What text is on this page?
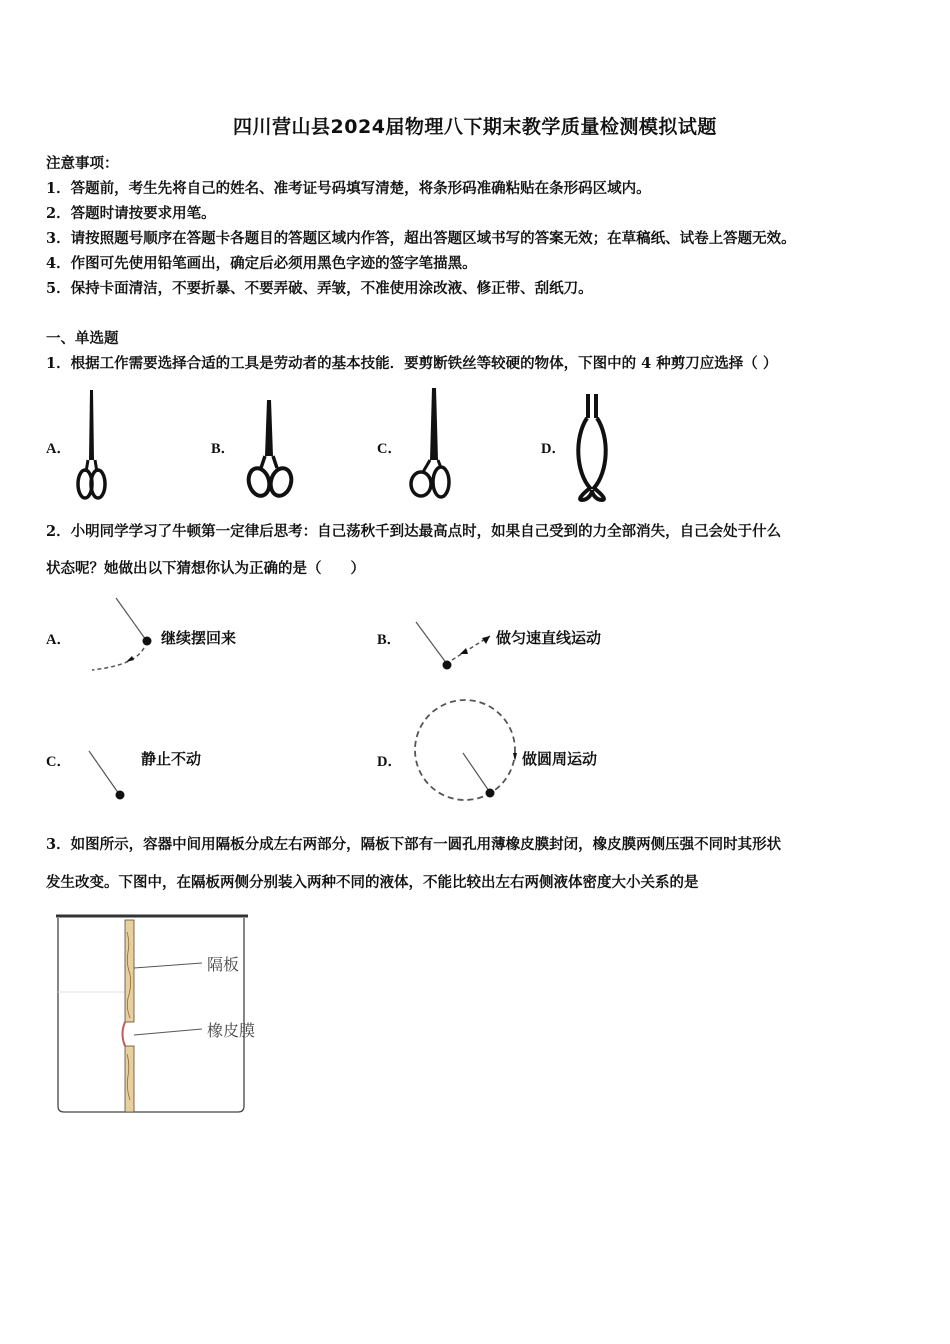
四川营山县2024届物理八下期末教学质量检测模拟试题
注意事项：
1．答题前，考生先将自己的姓名、准考证号码填写清楚，将条形码准确粘贴在条形码区域内。
2．答题时请按要求用笔。
3．请按照题号顺序在答题卡各题目的答题区域内作答，超出答题区域书写的答案无效；在草稿纸、试卷上答题无效。
4．作图可先使用铅笔画出，确定后必须用黑色字迹的签字笔描黑。
5．保持卡面清洁，不要折暴、不要弄破、弄皱，不准使用涂改液、修正带、刮纸刀。
一、单选题
1．根据工作需要选择合适的工具是劳动者的基本技能．要剪断铁丝等较硬的物体，下图中的 4 种剪刀应选择（ ）
A．	B．	C．	D．
2．小明同学学习了牛顿第一定律后思考：自己荡秋千到达最高点时，如果自己受到的力全部消失，自己会处于什么
状态呢？她做出以下猜想你认为正确的是（　　）
A．	继续摆回来	B．	做匀速直线运动
C．	静止不动	D．	做圆周运动
3．如图所示，容器中间用隔板分成左右两部分，隔板下部有一圆孔用薄橡皮膜封闭，橡皮膜两侧压强不同时其形状
发生改变。下图中，在隔板两侧分别装入两种不同的液体，不能比较出左右两侧液体密度大小关系的是
隔板
橡皮膜
